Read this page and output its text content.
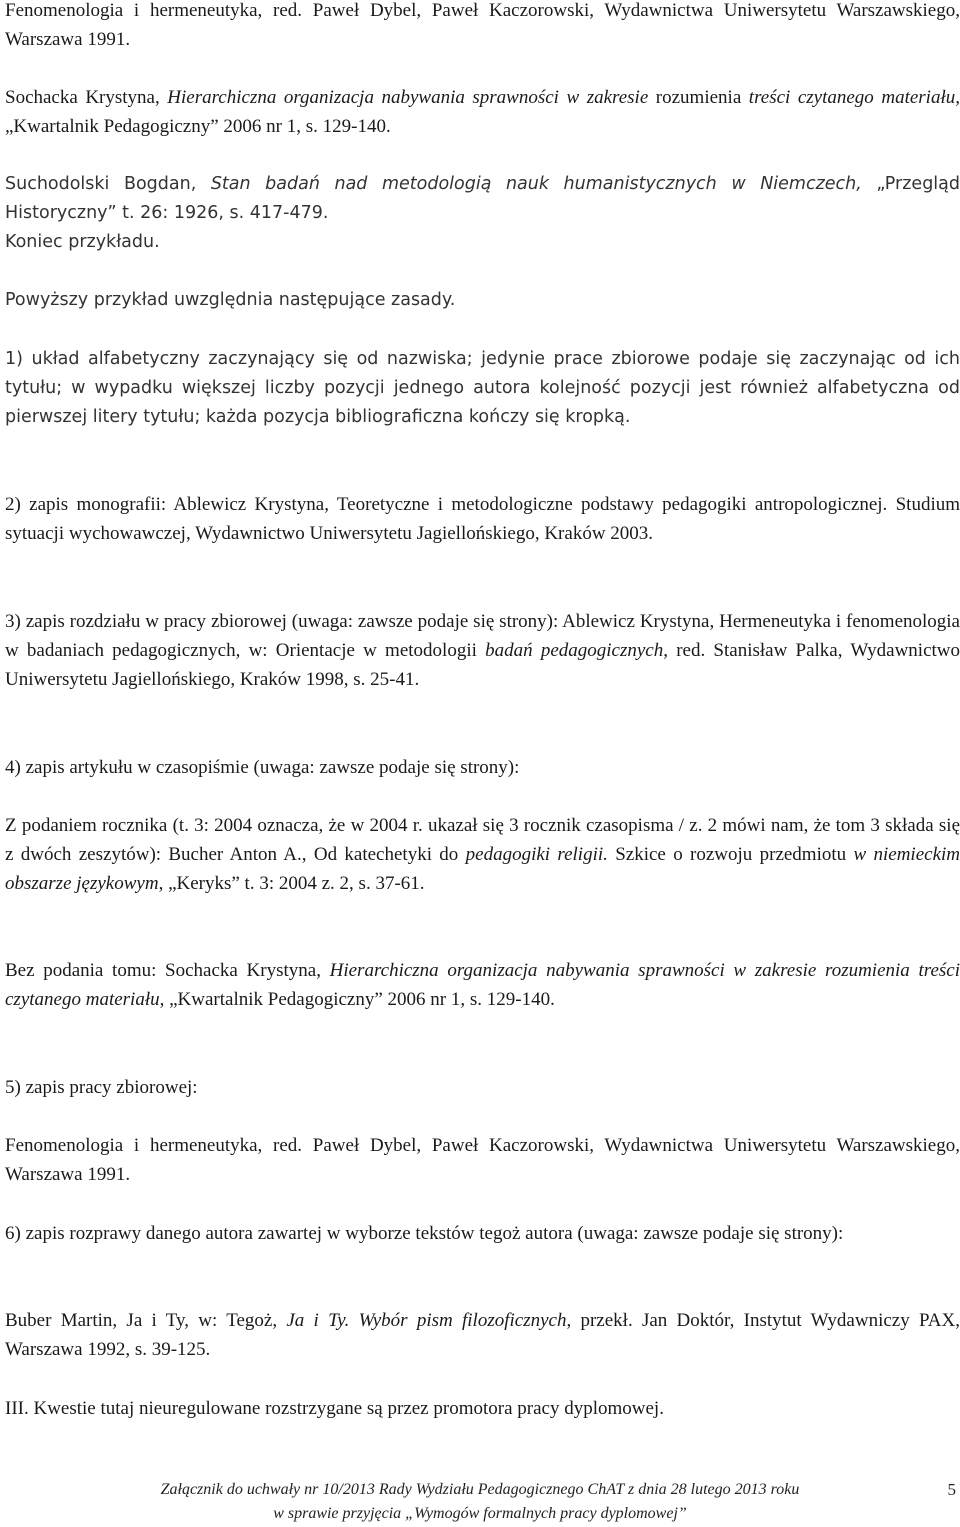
Fenomenologia i hermeneutyka, red. Paweł Dybel, Paweł Kaczorowski, Wydawnictwa Uniwersytetu Warszawskiego, Warszawa 1991.

Sochacka Krystyna, Hierarchiczna organizacja nabywania sprawności w zakresie rozumienia treści czytanego materiału, „Kwartalnik Pedagogiczny” 2006 nr 1, s. 129-140.

Suchodolski Bogdan, Stan badań nad metodologią nauk humanistycznych w Niemczech, „Przegląd Historyczny” t. 26: 1926, s. 417-479.

Koniec przykładu.

Powyższy przykład uwzględnia następujące zasady.

1) układ alfabetyczny zaczynający się od nazwiska; jedynie prace zbiorowe podaje się zaczynając od ich tytułu; w wypadku większej liczby pozycji jednego autora kolejność pozycji jest również alfabetyczna od pierwszej litery tytułu; każda pozycja bibliograficzna kończy się kropką.

2) zapis monografii: Ablewicz Krystyna, Teoretyczne i metodologiczne podstawy pedagogiki antropologicznej. Studium sytuacji wychowawczej, Wydawnictwo Uniwersytetu Jagiellońskiego, Kraków 2003.

3) zapis rozdziału w pracy zbiorowej (uwaga: zawsze podaje się strony): Ablewicz Krystyna, Hermeneutyka i fenomenologia w badaniach pedagogicznych, w: Orientacje w metodologii badań pedagogicznych, red. Stanisław Palka, Wydawnictwo Uniwersytetu Jagiellońskiego, Kraków 1998, s. 25-41.

4) zapis artykułu w czasopiśmie (uwaga: zawsze podaje się strony):

Z podaniem rocznika (t. 3: 2004 oznacza, że w 2004 r. ukazał się 3 rocznik czasopisma / z. 2 mówi nam, że tom 3 składa się z dwóch zeszytów): Bucher Anton A., Od katechetyki do pedagogiki religii. Szkice o rozwoju przedmiotu w niemieckim obszarze językowym, „Keryks” t. 3: 2004 z. 2, s. 37-61.

Bez podania tomu: Sochacka Krystyna, Hierarchiczna organizacja nabywania sprawności w zakresie rozumienia treści czytanego materiału, „Kwartalnik Pedagogiczny” 2006 nr 1, s. 129-140.

5) zapis pracy zbiorowej:

Fenomenologia i hermeneutyka, red. Paweł Dybel, Paweł Kaczorowski, Wydawnictwa Uniwersytetu Warszawskiego, Warszawa 1991.

6) zapis rozprawy danego autora zawartej w wyborze tekstów tegoż autora (uwaga: zawsze podaje się strony):

Buber Martin, Ja i Ty, w: Tegoż, Ja i Ty. Wybór pism filozoficznych, przekł. Jan Doktór, Instytut Wydawniczy PAX, Warszawa 1992, s. 39-125.

III. Kwestie tutaj nieuregulowane rozstrzygane są przez promotora pracy dyplomowej.

Załącznik do uchwały nr 10/2013 Rady Wydziału Pedagogicznego ChAT z dnia 28 lutego 2013 roku
w sprawie przyjęcia „Wymogów formalnych pracy dyplomowej”
5
